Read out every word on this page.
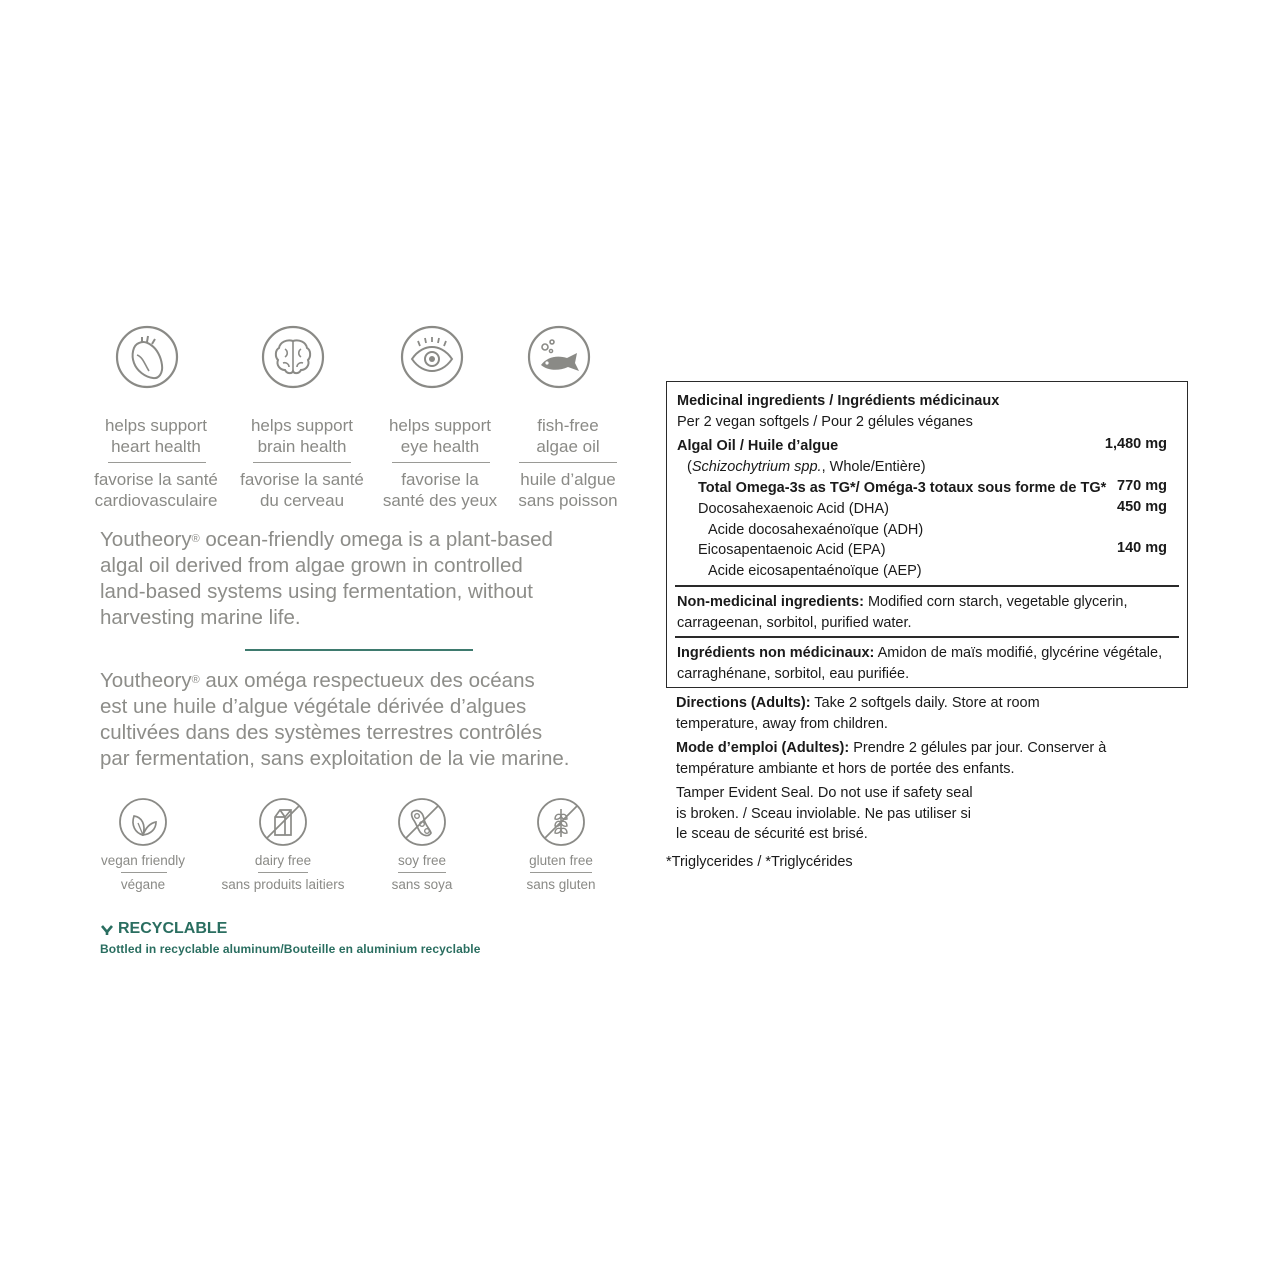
helps support
heart health
favorise la santé
cardiovasculaire
helps support
brain health
favorise la santé
du cerveau
helps support
eye health
favorise la
santé des yeux
fish-free
algae oil
huile d’algue
sans poisson
Youtheory® ocean-friendly omega is a plant-based
algal oil derived from algae grown in controlled
land-based systems using fermentation, without
harvesting marine life.
Youtheory® aux oméga respectueux des océans
est une huile d’algue végétale dérivée d’algues
cultivées dans des systèmes terrestres contrôlés
par fermentation, sans exploitation de la vie marine.
vegan friendly
végane
dairy free
sans produits laitiers
soy free
sans soya
gluten free
sans gluten
RECYCLABLE
Bottled in recyclable aluminum/Bouteille en aluminium recyclable
Medicinal ingredients / Ingrédients médicinaux
Per 2 vegan softgels / Pour 2 gélules véganes
Algal Oil / Huile d’algue	1,480 mg
(Schizochytrium spp., Whole/Entière)
Total Omega-3s as TG*/ Oméga-3 totaux sous forme de TG* 770 mg
Docosahexaenoic Acid (DHA)	450 mg
Acide docosahexaénoïque (ADH)
Eicosapentaenoic Acid (EPA)	140 mg
Acide eicosapentaénoïque (AEP)
Non-medicinal ingredients: Modified corn starch, vegetable glycerin,
carrageenan, sorbitol, purified water.
Ingrédients non médicinaux: Amidon de maïs modifié, glycérine végétale,
carraghénane, sorbitol, eau purifiée.
Directions (Adults): Take 2 softgels daily. Store at room
temperature, away from children.
Mode d’emploi (Adultes): Prendre 2 gélules par jour. Conserver à
température ambiante et hors de portée des enfants.
Tamper Evident Seal. Do not use if safety seal
is broken. / Sceau inviolable. Ne pas utiliser si
le sceau de sécurité est brisé.
*Triglycerides / *Triglycérides
